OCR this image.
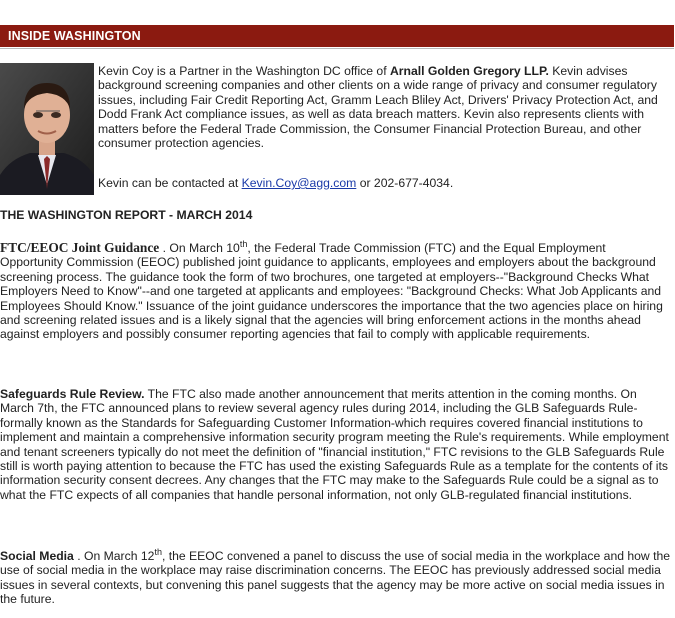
INSIDE WASHINGTON

Kevin Coy is a Partner in the Washington DC office of Arnall Golden Gregory LLP. Kevin advises background screening companies and other clients on a wide range of privacy and consumer regulatory issues, including Fair Credit Reporting Act, Gramm Leach Bliley Act, Drivers' Privacy Protection Act, and Dodd Frank Act compliance issues, as well as data breach matters. Kevin also represents clients with matters before the Federal Trade Commission, the Consumer Financial Protection Bureau, and other consumer protection agencies.

Kevin can be contacted at Kevin.Coy@agg.com or 202-677-4034.

THE WASHINGTON REPORT - MARCH 2014

FTC/EEOC Joint Guidance . On March 10th, the Federal Trade Commission (FTC) and the Equal Employment Opportunity Commission (EEOC) published joint guidance to applicants, employees and employers about the background screening process. The guidance took the form of two brochures, one targeted at employers--"Background Checks What Employers Need to Know"--and one targeted at applicants and employees: "Background Checks: What Job Applicants and Employees Should Know." Issuance of the joint guidance underscores the importance that the two agencies place on hiring and screening related issues and is a likely signal that the agencies will bring enforcement actions in the months ahead against employers and possibly consumer reporting agencies that fail to comply with applicable requirements.

Safeguards Rule Review. The FTC also made another announcement that merits attention in the coming months. On March 7th, the FTC announced plans to review several agency rules during 2014, including the GLB Safeguards Rule-formally known as the Standards for Safeguarding Customer Information-which requires covered financial institutions to implement and maintain a comprehensive information security program meeting the Rule's requirements. While employment and tenant screeners typically do not meet the definition of "financial institution," FTC revisions to the GLB Safeguards Rule still is worth paying attention to because the FTC has used the existing Safeguards Rule as a template for the contents of its information security consent decrees. Any changes that the FTC may make to the Safeguards Rule could be a signal as to what the FTC expects of all companies that handle personal information, not only GLB-regulated financial institutions.

Social Media . On March 12th, the EEOC convened a panel to discuss the use of social media in the workplace and how the use of social media in the workplace may raise discrimination concerns. The EEOC has previously addressed social media issues in several contexts, but convening this panel suggests that the agency may be more active on social media issues in the future.
